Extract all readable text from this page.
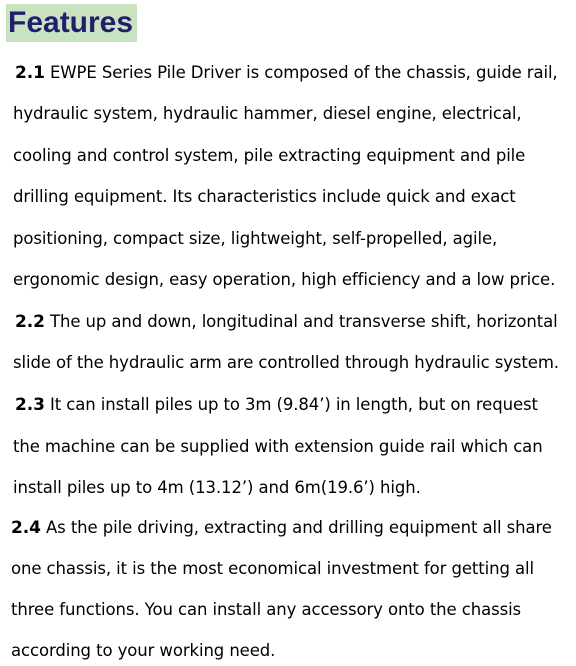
Features
2.1 EWPE Series Pile Driver is composed of the chassis, guide rail,
hydraulic system, hydraulic hammer, diesel engine, electrical,
cooling and control system, pile extracting equipment and pile
drilling equipment. Its characteristics include quick and exact
positioning, compact size, lightweight, self-propelled, agile,
ergonomic design, easy operation, high efficiency and a low price.
2.2 The up and down, longitudinal and transverse shift, horizontal
slide of the hydraulic arm are controlled through hydraulic system.
2.3 It can install piles up to 3m (9.84’) in length, but on request
the machine can be supplied with extension guide rail which can
install piles up to 4m (13.12’) and 6m(19.6’) high.
2.4 As the pile driving, extracting and drilling equipment all share
one chassis, it is the most economical investment for getting all
three functions. You can install any accessory onto the chassis
according to your working need.
